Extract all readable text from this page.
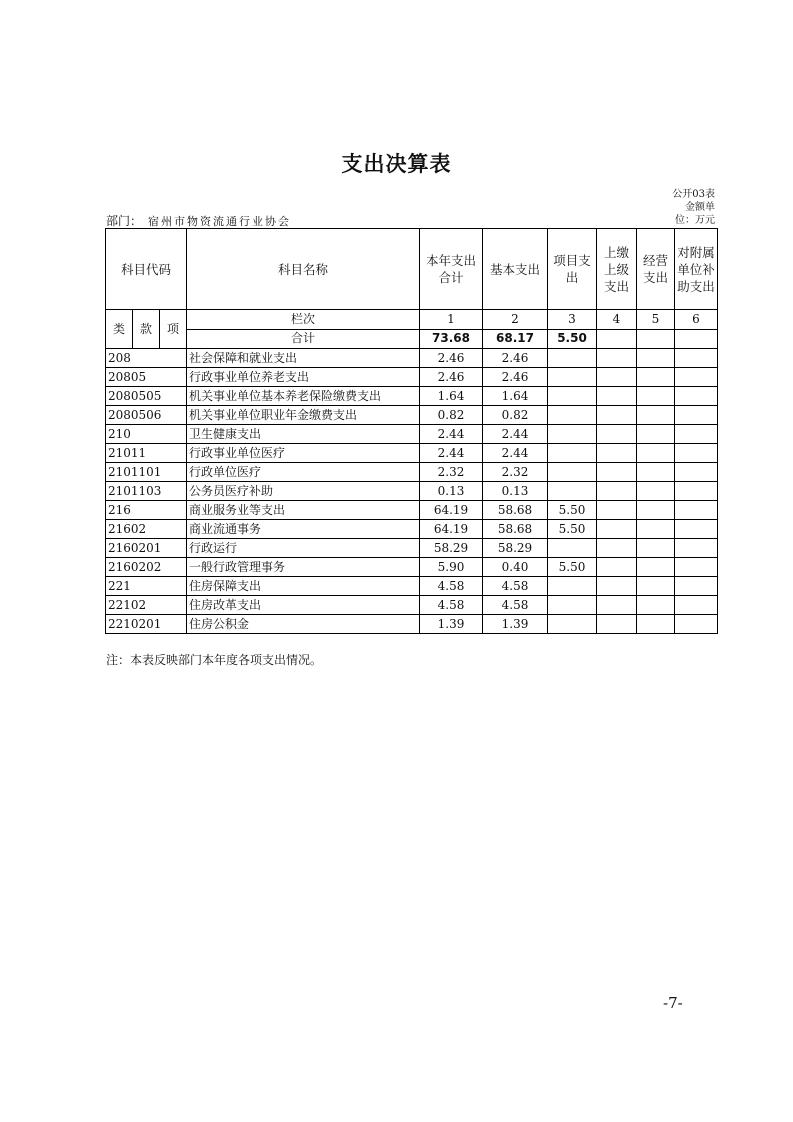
支出决算表
公开03表
金额单
位：万元
部门： 宿州市物资流通行业协会
科目代码			科目名称	本年支出合计	基本支出	项目支出	上缴上级支出	经营支出	对附属单位补助支出
类	款	项	栏次	1	2	3	4	5	6
			合计	73.68	68.17	5.50			
208			社会保障和就业支出	2.46	2.46				
20805			行政事业单位养老支出	2.46	2.46				
2080505			机关事业单位基本养老保险缴费支出	1.64	1.64				
2080506			机关事业单位职业年金缴费支出	0.82	0.82				
210			卫生健康支出	2.44	2.44				
21011			行政事业单位医疗	2.44	2.44				
2101101			行政单位医疗	2.32	2.32				
2101103			公务员医疗补助	0.13	0.13				
216			商业服务业等支出	64.19	58.68	5.50			
21602			商业流通事务	64.19	58.68	5.50			
2160201			行政运行	58.29	58.29				
2160202			一般行政管理事务	5.90	0.40	5.50			
221			住房保障支出	4.58	4.58				
22102			住房改革支出	4.58	4.58				
2210201			住房公积金	1.39	1.39				
注：本表反映部门本年度各项支出情况。
-7-
